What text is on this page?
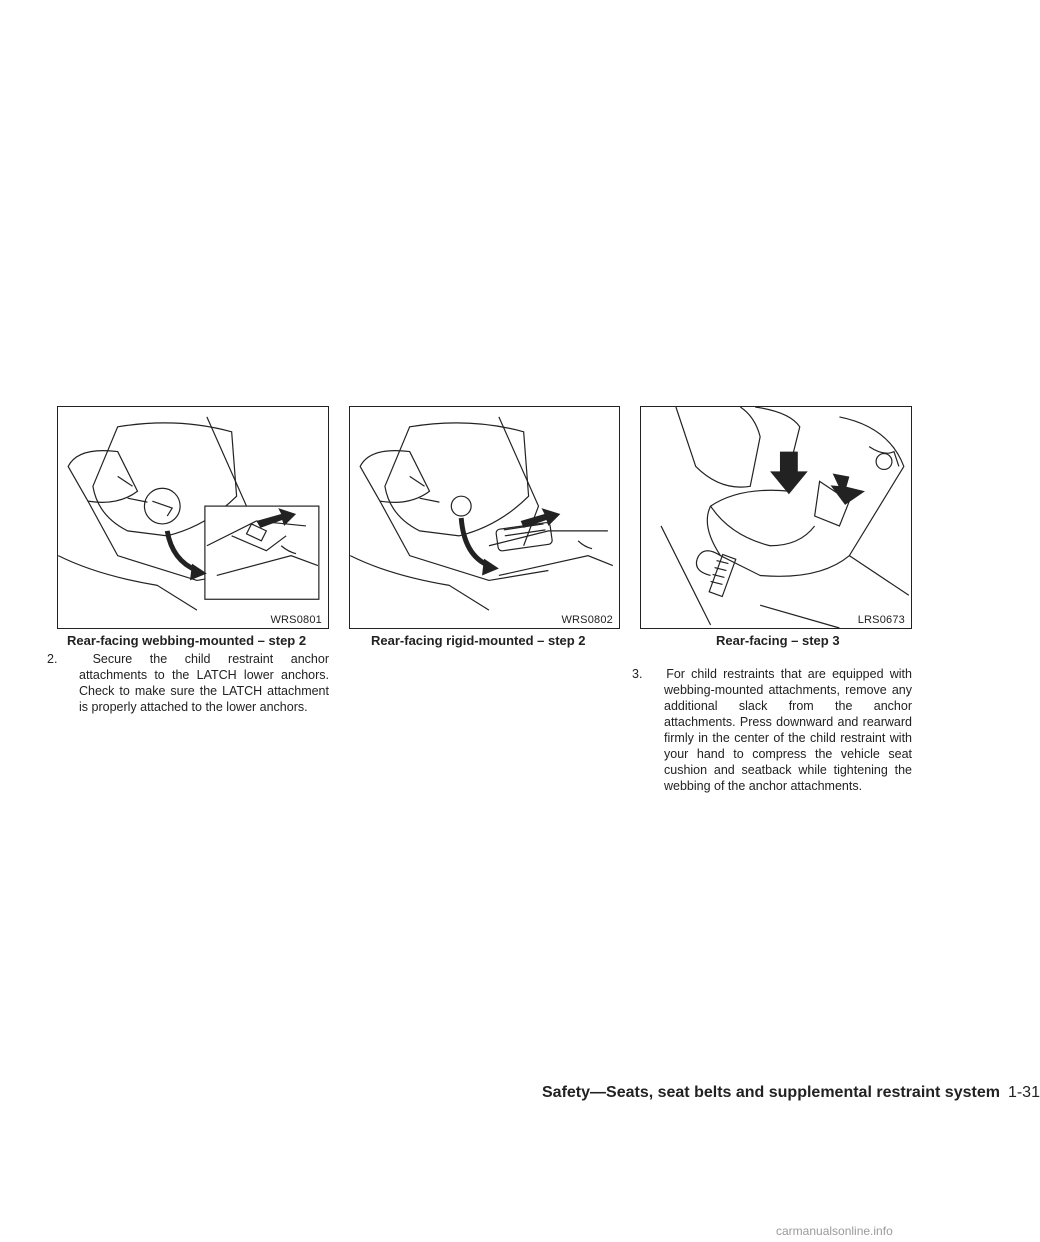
WRS0801	WRS0802	LRS0673
Rear-facing webbing-mounted – step 2	Rear-facing rigid-mounted – step 2	Rear-facing – step 3
2.	Secure the child restraint anchor attachments to the LATCH lower anchors. Check to make sure the LATCH attachment is properly attached to the lower anchors.
3. For child restraints that are equipped with webbing-mounted attachments, remove any additional slack from the anchor attachments. Press downward and rearward firmly in the center of the child restraint with your hand to compress the vehicle seat cushion and seatback while tightening the webbing of the anchor attachments.
Safety—Seats, seat belts and supplemental restraint system 1-31
carmanualsonline.info
